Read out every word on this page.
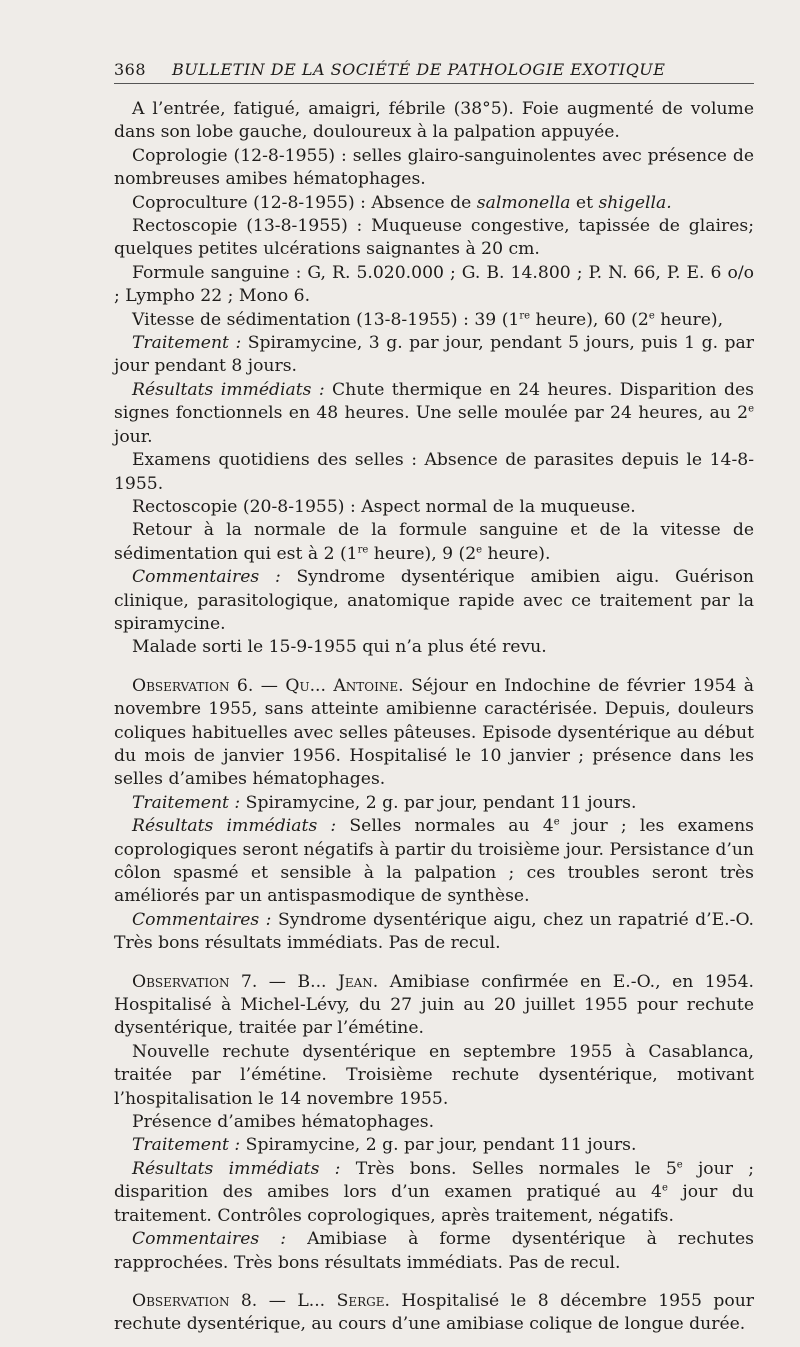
368 BULLETIN DE LA SOCIÉTÉ DE PATHOLOGIE EXOTIQUE

A l’entrée, fatigué, amaigri, fébrile (38°5). Foie augmenté de volume dans son lobe gauche, douloureux à la palpation appuyée.

Coprologie (12-8-1955) : selles glairo-sanguinolentes avec présence de nombreuses amibes hématophages.

Coproculture (12-8-1955) : Absence de salmonella et shigella.

Rectoscopie (13-8-1955) : Muqueuse congestive, tapissée de glaires; quelques petites ulcérations saignantes à 20 cm.

Formule sanguine : G, R. 5.020.000 ; G. B. 14.800 ; P. N. 66, P. E. 6 o/o ; Lympho 22 ; Mono 6.

Vitesse de sédimentation (13-8-1955) : 39 (1re heure), 60 (2e heure),

Traitement : Spiramycine, 3 g. par jour, pendant 5 jours, puis 1 g. par jour pendant 8 jours.

Résultats immédiats : Chute thermique en 24 heures. Disparition des signes fonctionnels en 48 heures. Une selle moulée par 24 heures, au 2e jour.

Examens quotidiens des selles : Absence de parasites depuis le 14-8-1955.

Rectoscopie (20-8-1955) : Aspect normal de la muqueuse.

Retour à la normale de la formule sanguine et de la vitesse de sédimentation qui est à 2 (1re heure), 9 (2e heure).

Commentaires : Syndrome dysentérique amibien aigu. Guérison clinique, parasitologique, anatomique rapide avec ce traitement par la spiramycine.

Malade sorti le 15-9-1955 qui n’a plus été revu.

Observation 6. — Qu... Antoine. Séjour en Indochine de février 1954 à novembre 1955, sans atteinte amibienne caractérisée. Depuis, douleurs coliques habituelles avec selles pâteuses. Episode dysentérique au début du mois de janvier 1956. Hospitalisé le 10 janvier ; présence dans les selles d’amibes hématophages.

Traitement : Spiramycine, 2 g. par jour, pendant 11 jours.

Résultats immédiats : Selles normales au 4e jour ; les examens coprologiques seront négatifs à partir du troisième jour. Persistance d’un côlon spasmé et sensible à la palpation ; ces troubles seront très améliorés par un antispasmodique de synthèse.

Commentaires : Syndrome dysentérique aigu, chez un rapatrié d’E.-O. Très bons résultats immédiats. Pas de recul.

Observation 7. — B... Jean. Amibiase confirmée en E.-O., en 1954. Hospitalisé à Michel-Lévy, du 27 juin au 20 juillet 1955 pour rechute dysentérique, traitée par l’émétine.

Nouvelle rechute dysentérique en septembre 1955 à Casablanca, traitée par l’émétine. Troisième rechute dysentérique, motivant l’hospitalisation le 14 novembre 1955.

Présence d’amibes hématophages.

Traitement : Spiramycine, 2 g. par jour, pendant 11 jours.

Résultats immédiats : Très bons. Selles normales le 5e jour ; disparition des amibes lors d’un examen pratiqué au 4e jour du traitement. Contrôles coprologiques, après traitement, négatifs.

Commentaires : Amibiase à forme dysentérique à rechutes rapprochées. Très bons résultats immédiats. Pas de recul.

Observation 8. — L... Serge. Hospitalisé le 8 décembre 1955 pour rechute dysentérique, au cours d’une amibiase colique de longue durée.
